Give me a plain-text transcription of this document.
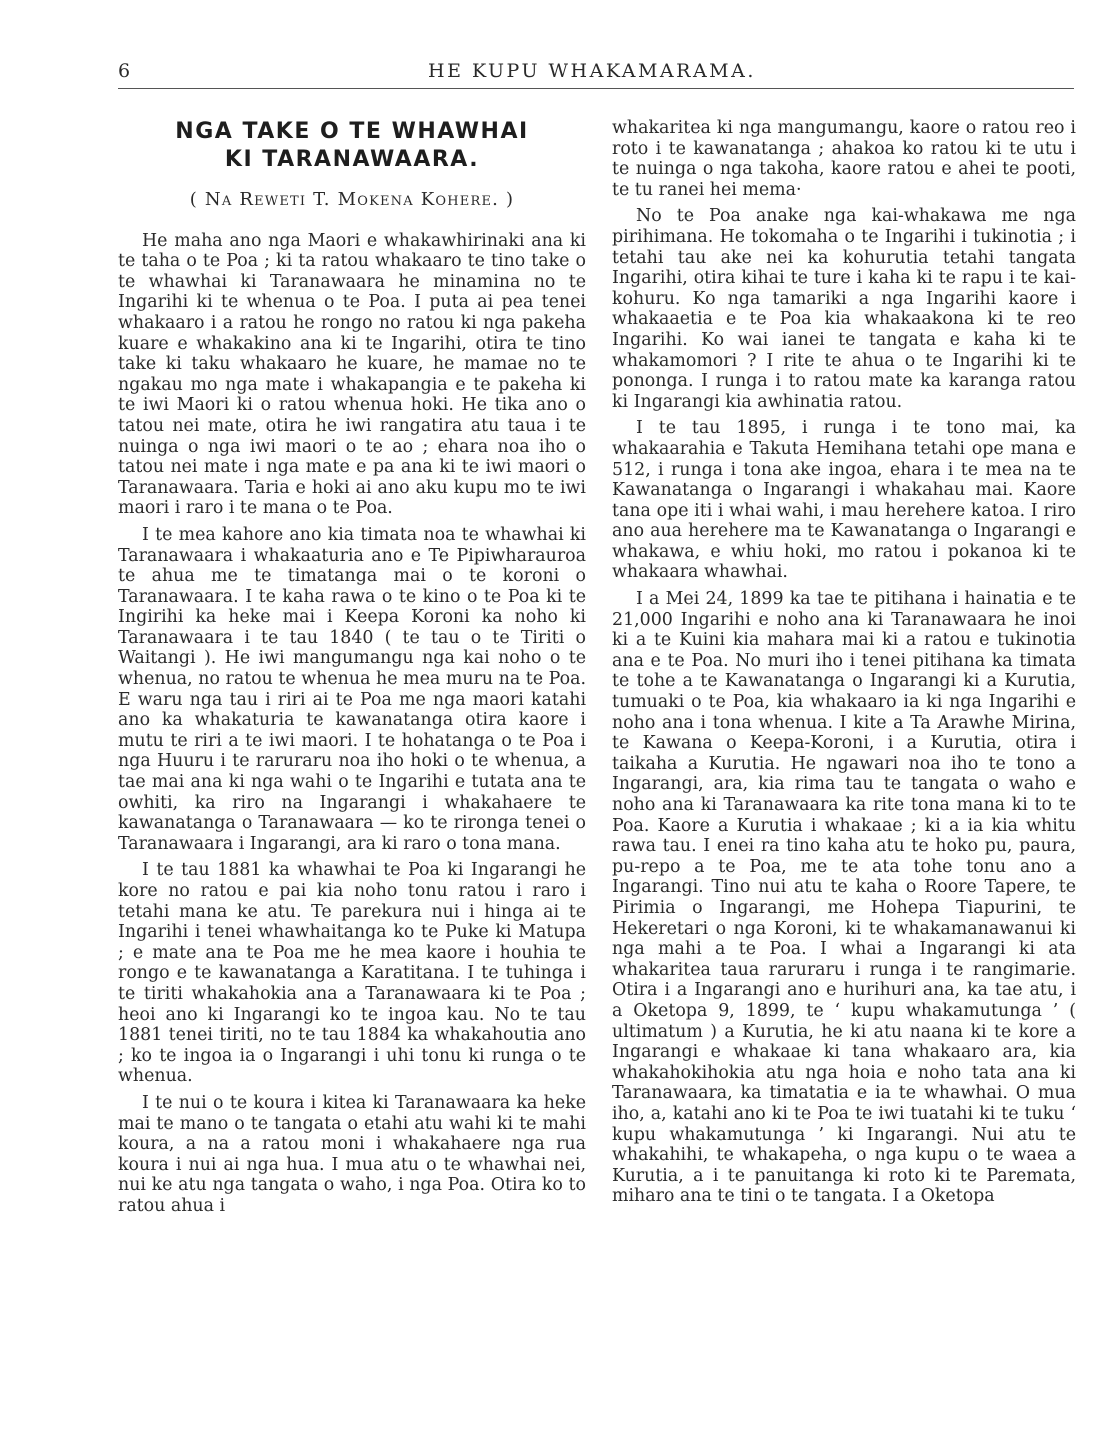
6	HE KUPU WHAKAMARAMA.
NGA TAKE O TE WHAWHAI
KI TARANAWAARA.
( Na Reweti T. Mokena Kohere. )

He maha ano nga Maori e whakawhirinaki ana ki te taha o te Poa ; ki ta ratou whakaaro te tino take o te whawhai ki Taranawaara he minamina no te Ingarihi ki te whenua o te Poa. I puta ai pea tenei whakaaro i a ratou he rongo no ratou ki nga pakeha kuare e whakakino ana ki te Ingarihi, otira te tino take ki taku whakaaro he kuare, he mamae no te ngakau mo nga mate i whakapangia e te pakeha ki te iwi Maori ki o ratou whenua hoki. He tika ano o tatou nei mate, otira he iwi rangatira atu taua i te nuinga o nga iwi maori o te ao ; ehara noa iho o tatou nei mate i nga mate e pa ana ki te iwi maori o Taranawaara. Taria e hoki ai ano aku kupu mo te iwi maori i raro i te mana o te Poa.

I te mea kahore ano kia timata noa te whawhai ki Taranawaara i whakaaturia ano e Te Pipiwharauroa te ahua me te timatanga mai o te koroni o Taranawaara. I te kaha rawa o te kino o te Poa ki te Ingirihi ka heke mai i Keepa Koroni ka noho ki Taranawaara i te tau 1840 ( te tau o te Tiriti o Waitangi ). He iwi mangumangu nga kai noho o te whenua, no ratou te whenua he mea muru na te Poa. E waru nga tau i riri ai te Poa me nga maori katahi ano ka whakaturia te kawanatanga otira kaore i mutu te riri a te iwi maori. I te hohatanga o te Poa i nga Huuru i te raruraru noa iho hoki o te whenua, a tae mai ana ki nga wahi o te Ingarihi e tutata ana te owhiti, ka riro na Ingarangi i whakahaere te kawanatanga o Taranawaara — ko te rironga tenei o Taranawaara i Ingarangi, ara ki raro o tona mana.

I te tau 1881 ka whawhai te Poa ki Ingarangi he kore no ratou e pai kia noho tonu ratou i raro i tetahi mana ke atu. Te parekura nui i hinga ai te Ingarihi i tenei whawhaitanga ko te Puke ki Matupa ; e mate ana te Poa me he mea kaore i houhia te rongo e te kawanatanga a Karatitana. I te tuhinga i te tiriti whakahokia ana a Taranawaara ki te Poa ; heoi ano ki Ingarangi ko te ingoa kau. No te tau 1881 tenei tiriti, no te tau 1884 ka whakahoutia ano ; ko te ingoa ia o Ingarangi i uhi tonu ki runga o te whenua.

I te nui o te koura i kitea ki Taranawaara ka heke mai te mano o te tangata o etahi atu wahi ki te mahi koura, a na a ratou moni i whakahaere nga rua koura i nui ai nga hua. I mua atu o te whawhai nei, nui ke atu nga tangata o waho, i nga Poa. Otira ko to ratou ahua i

whakaritea ki nga mangumangu, kaore o ratou reo i roto i te kawanatanga ; ahakoa ko ratou ki te utu i te nuinga o nga takoha, kaore ratou e ahei te pooti, te tu ranei hei mema·

No te Poa anake nga kai-whakawa me nga pirihimana. He tokomaha o te Ingarihi i tukinotia ; i tetahi tau ake nei ka kohurutia tetahi tangata Ingarihi, otira kihai te ture i kaha ki te rapu i te kai-kohuru. Ko nga tamariki a nga Ingarihi kaore i whakaaetia e te Poa kia whakaakona ki te reo Ingarihi. Ko wai ianei te tangata e kaha ki te whakamomori ? I rite te ahua o te Ingarihi ki te pononga. I runga i to ratou mate ka karanga ratou ki Ingarangi kia awhinatia ratou.

I te tau 1895, i runga i te tono mai, ka whakaarahia e Takuta Hemihana tetahi ope mana e 512, i runga i tona ake ingoa, ehara i te mea na te Kawanatanga o Ingarangi i whakahau mai. Kaore tana ope iti i whai wahi, i mau herehere katoa. I riro ano aua herehere ma te Kawanatanga o Ingarangi e whakawa, e whiu hoki, mo ratou i pokanoa ki te whakaara whawhai.

I a Mei 24, 1899 ka tae te pitihana i hainatia e te 21,000 Ingarihi e noho ana ki Taranawaara he inoi ki a te Kuini kia mahara mai ki a ratou e tukinotia ana e te Poa. No muri iho i tenei pitihana ka timata te tohe a te Kawanatanga o Ingarangi ki a Kurutia, tumuaki o te Poa, kia whakaaro ia ki nga Ingarihi e noho ana i tona whenua. I kite a Ta Arawhe Mirina, te Kawana o Keepa-Koroni, i a Kurutia, otira i taikaha a Kurutia. He ngawari noa iho te tono a Ingarangi, ara, kia rima tau te tangata o waho e noho ana ki Taranawaara ka rite tona mana ki to te Poa. Kaore a Kurutia i whakaae ; ki a ia kia whitu rawa tau. I enei ra tino kaha atu te hoko pu, paura, pu-repo a te Poa, me te ata tohe tonu ano a Ingarangi. Tino nui atu te kaha o Roore Tapere, te Pirimia o Ingarangi, me Hohepa Tiapurini, te Hekeretari o nga Koroni, ki te whakamanawanui ki nga mahi a te Poa. I whai a Ingarangi ki ata whakaritea taua raruraru i runga i te rangimarie. Otira i a Ingarangi ano e hurihuri ana, ka tae atu, i a Oketopa 9, 1899, te ‘ kupu whakamutunga ’ ( ultimatum ) a Kurutia, he ki atu naana ki te kore a Ingarangi e whakaae ki tana whakaaro ara, kia whakahokihokia atu nga hoia e noho tata ana ki Taranawaara, ka timatatia e ia te whawhai. O mua iho, a, katahi ano ki te Poa te iwi tuatahi ki te tuku ‘ kupu whakamutunga ’ ki Ingarangi. Nui atu te whakahihi, te whakapeha, o nga kupu o te waea a Kurutia, a i te panuitanga ki roto ki te Paremata, miharo ana te tini o te tangata. I a Oketopa
